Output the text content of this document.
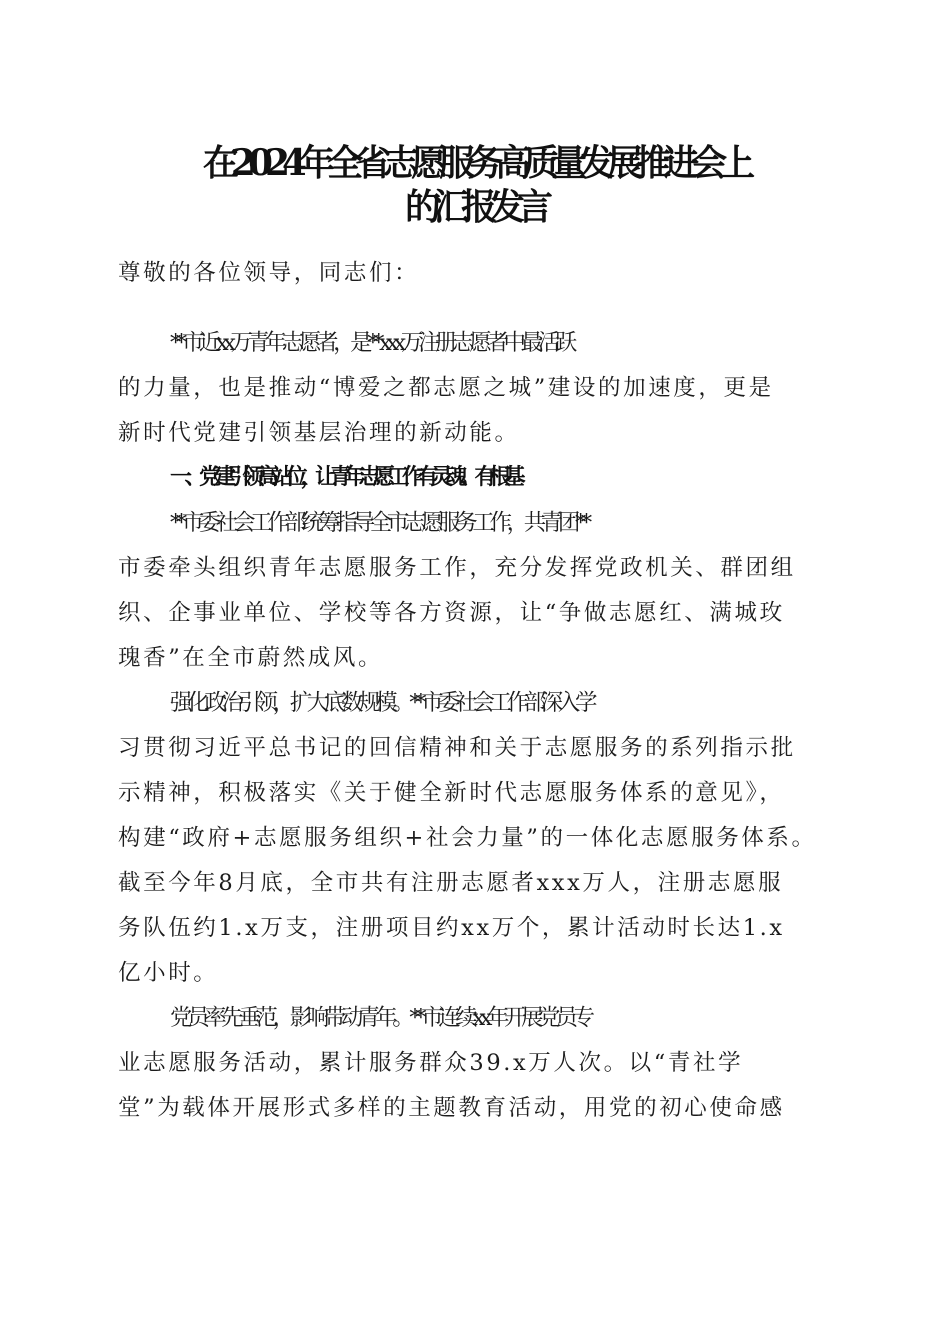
在2024年全省志愿服务高质量发展推进会上
的汇报发言
尊敬的各位领导，同志们：
**市近xx万青年志愿者，是**xxx万注册志愿者中最活跃
的力量，也是推动“博爱之都志愿之城”建设的加速度，更是
新时代党建引领基层治理的新动能。
一、党建引领高站位，让青年志愿工作有灵魂、有根基
**市委社会工作部统筹指导全市志愿服务工作，共青团**
市委牵头组织青年志愿服务工作，充分发挥党政机关、群团组
织、企事业单位、学校等各方资源，让“争做志愿红、满城玫
瑰香”在全市蔚然成风。
强化政治引领，扩大底数规模。**市委社会工作部深入学
习贯彻习近平总书记的回信精神和关于志愿服务的系列指示批
示精神，积极落实《关于健全新时代志愿服务体系的意见》，
构建“政府+志愿服务组织+社会力量”的一体化志愿服务体系。
截至今年8月底，全市共有注册志愿者xxx万人，注册志愿服
务队伍约1.x万支，注册项目约xx万个，累计活动时长达1.x
亿小时。
党员率先垂范，影响带动青年。**市连续xx年开展党员专
业志愿服务活动，累计服务群众39.x万人次。以“青社学
堂”为载体开展形式多样的主题教育活动，用党的初心使命感
